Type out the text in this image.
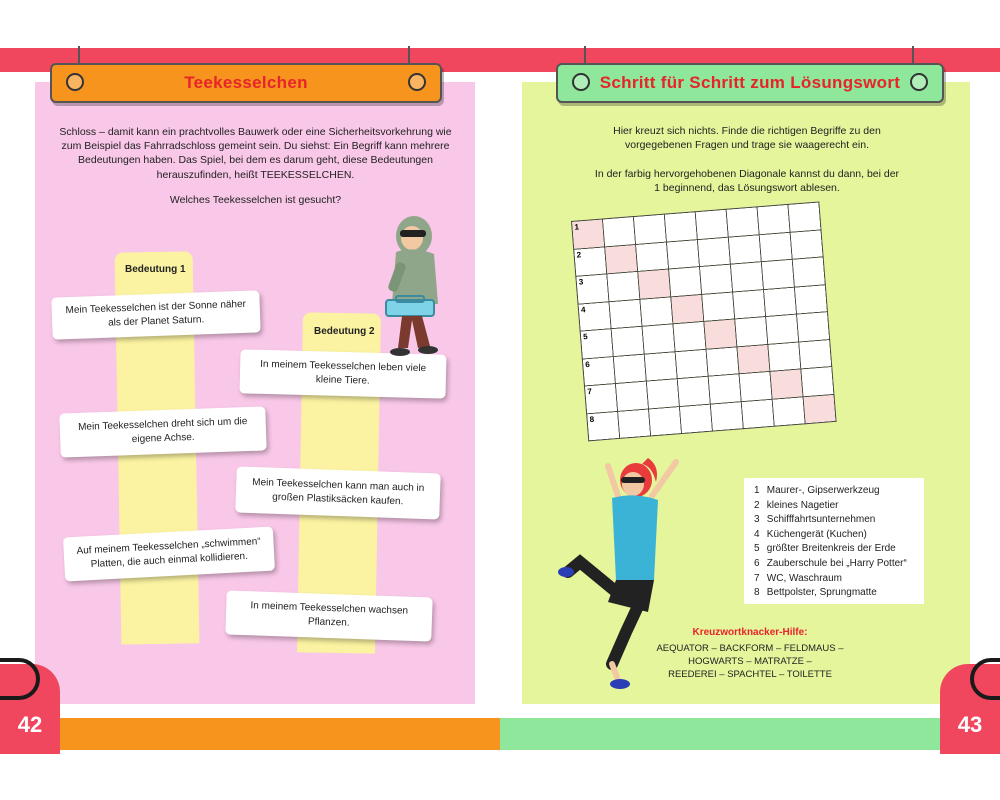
42	43
Teekesselchen
Schloss – damit kann ein prachtvolles Bauwerk oder eine Sicherheitsvorkehrung wie zum Beispiel das Fahrradschloss gemeint sein. Du siehst: Ein Begriff kann mehrere Bedeutungen haben. Das Spiel, bei dem es darum geht, diese Bedeutungen herauszufinden, heißt TEEKESSELCHEN.
Welches Teekesselchen ist gesucht?
Bedeutung 1
Bedeutung 2
Mein Teekesselchen ist der Sonne näher als der Planet Saturn.
In meinem Teekesselchen leben viele kleine Tiere.
Mein Teekesselchen dreht sich um die eigene Achse.
Mein Teekesselchen kann man auch in großen Plastiksäcken kaufen.
Auf meinem Teekesselchen „schwimmen“ Platten, die auch einmal kollidieren.
In meinem Teekesselchen wachsen Pflanzen.
Schritt für Schritt zum Lösungswort
Hier kreuzt sich nichts. Finde die richtigen Begriffe zu den vorgegebenen Fragen und trage sie waagerecht ein.
In der farbig hervorgehobenen Diagonale kannst du dann, bei der 1 beginnend, das Lösungswort ablesen.
1							

2							

3							

4							

5							

6							

7							

8							

1 Maurer-, Gipserwerkzeug
2 kleines Nagetier
3 Schifffahrtsunternehmen
4 Küchengerät (Kuchen)
5 größter Breitenkreis der Erde
6 Zauberschule bei „Harry Potter“
7 WC, Waschraum
8 Bettpolster, Sprungmatte
Kreuzwortknacker-Hilfe:
AEQUATOR – BACKFORM – FELDMAUS –
HOGWARTS – MATRATZE –
REEDEREI – SPACHTEL – TOILETTE
